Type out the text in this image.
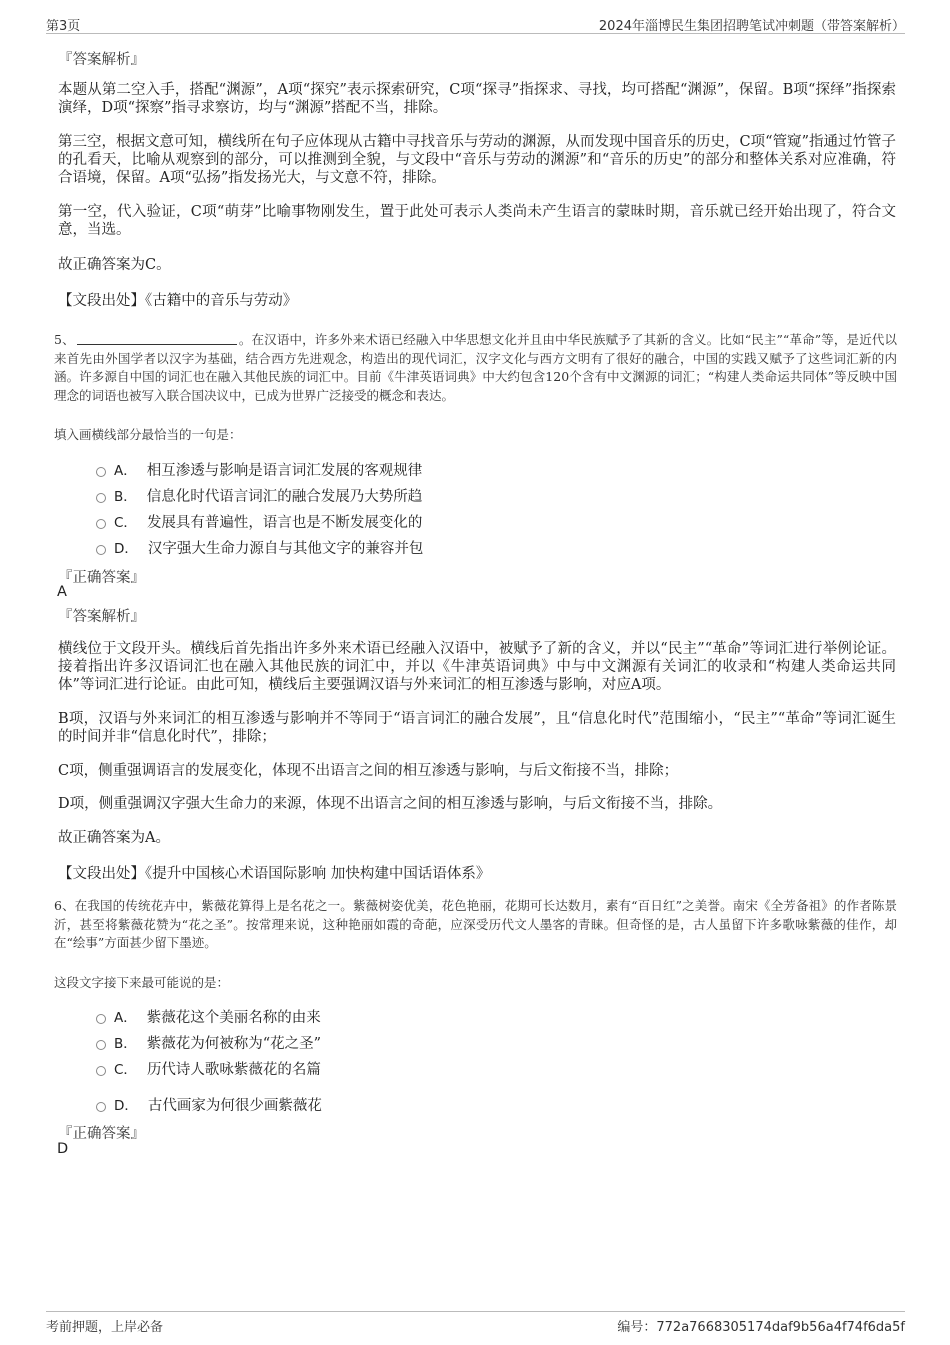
第3页	2024年淄博民生集团招聘笔试冲刺题（带答案解析）
『答案解析』
本题从第二空入手，搭配“渊源”，A项“探究”表示探索研究，C项“探寻”指探求、寻找，均可搭配“渊源”，保留。B项“探绎”指探索演绎，D项“探察”指寻求察访，均与“渊源”搭配不当，排除。
第三空，根据文意可知，横线所在句子应体现从古籍中寻找音乐与劳动的渊源，从而发现中国音乐的历史，C项“管窥”指通过竹管子的孔看天，比喻从观察到的部分，可以推测到全貌，与文段中“音乐与劳动的渊源”和“音乐的历史”的部分和整体关系对应准确，符合语境，保留。A项“弘扬”指发扬光大，与文意不符，排除。
第一空，代入验证，C项“萌芽”比喻事物刚发生，置于此处可表示人类尚未产生语言的蒙昧时期，音乐就已经开始出现了，符合文意，当选。
故正确答案为C。
【文段出处】《古籍中的音乐与劳动》
5、	。在汉语中，许多外来术语已经融入中华思想文化并且由中华民族赋予了其新的含义。比如“民主”“革命”等，是近代以来首先由外国学者以汉字为基础，结合西方先进观念，构造出的现代词汇，汉字文化与西方文明有了很好的融合，中国的实践又赋予了这些词汇新的内涵。许多源自中国的词汇也在融入其他民族的词汇中。目前《牛津英语词典》中大约包含120个含有中文渊源的词汇；“构建人类命运共同体”等反映中国理念的词语也被写入联合国决议中，已成为世界广泛接受的概念和表达。
填入画横线部分最恰当的一句是：
A． 相互渗透与影响是语言词汇发展的客观规律
B． 信息化时代语言词汇的融合发展乃大势所趋
C． 发展具有普遍性，语言也是不断发展变化的
D． 汉字强大生命力源自与其他文字的兼容并包
『正确答案』
A
『答案解析』
横线位于文段开头。横线后首先指出许多外来术语已经融入汉语中，被赋予了新的含义，并以“民主”“革命”等词汇进行举例论证。接着指出许多汉语词汇也在融入其他民族的词汇中，并以《牛津英语词典》中与中文渊源有关词汇的收录和“构建人类命运共同体”等词汇进行论证。由此可知，横线后主要强调汉语与外来词汇的相互渗透与影响，对应A项。
B项，汉语与外来词汇的相互渗透与影响并不等同于“语言词汇的融合发展”，且“信息化时代”范围缩小，“民主”“革命”等词汇诞生的时间并非“信息化时代”，排除；
C项，侧重强调语言的发展变化，体现不出语言之间的相互渗透与影响，与后文衔接不当，排除；
D项，侧重强调汉字强大生命力的来源，体现不出语言之间的相互渗透与影响，与后文衔接不当，排除。
故正确答案为A。
【文段出处】《提升中国核心术语国际影响 加快构建中国话语体系》
6、在我国的传统花卉中，紫薇花算得上是名花之一。紫薇树姿优美，花色艳丽，花期可长达数月，素有“百日红”之美誉。南宋《全芳备祖》的作者陈景沂，甚至将紫薇花赞为“花之圣”。按常理来说，这种艳丽如霞的奇葩，应深受历代文人墨客的青睐。但奇怪的是，古人虽留下许多歌咏紫薇的佳作，却在“绘事”方面甚少留下墨迹。
这段文字接下来最可能说的是：
A． 紫薇花这个美丽名称的由来
B． 紫薇花为何被称为“花之圣”
C． 历代诗人歌咏紫薇花的名篇
D． 古代画家为何很少画紫薇花
『正确答案』
D
考前押题，上岸必备	编号：772a7668305174daf9b56a4f74f6da5f
